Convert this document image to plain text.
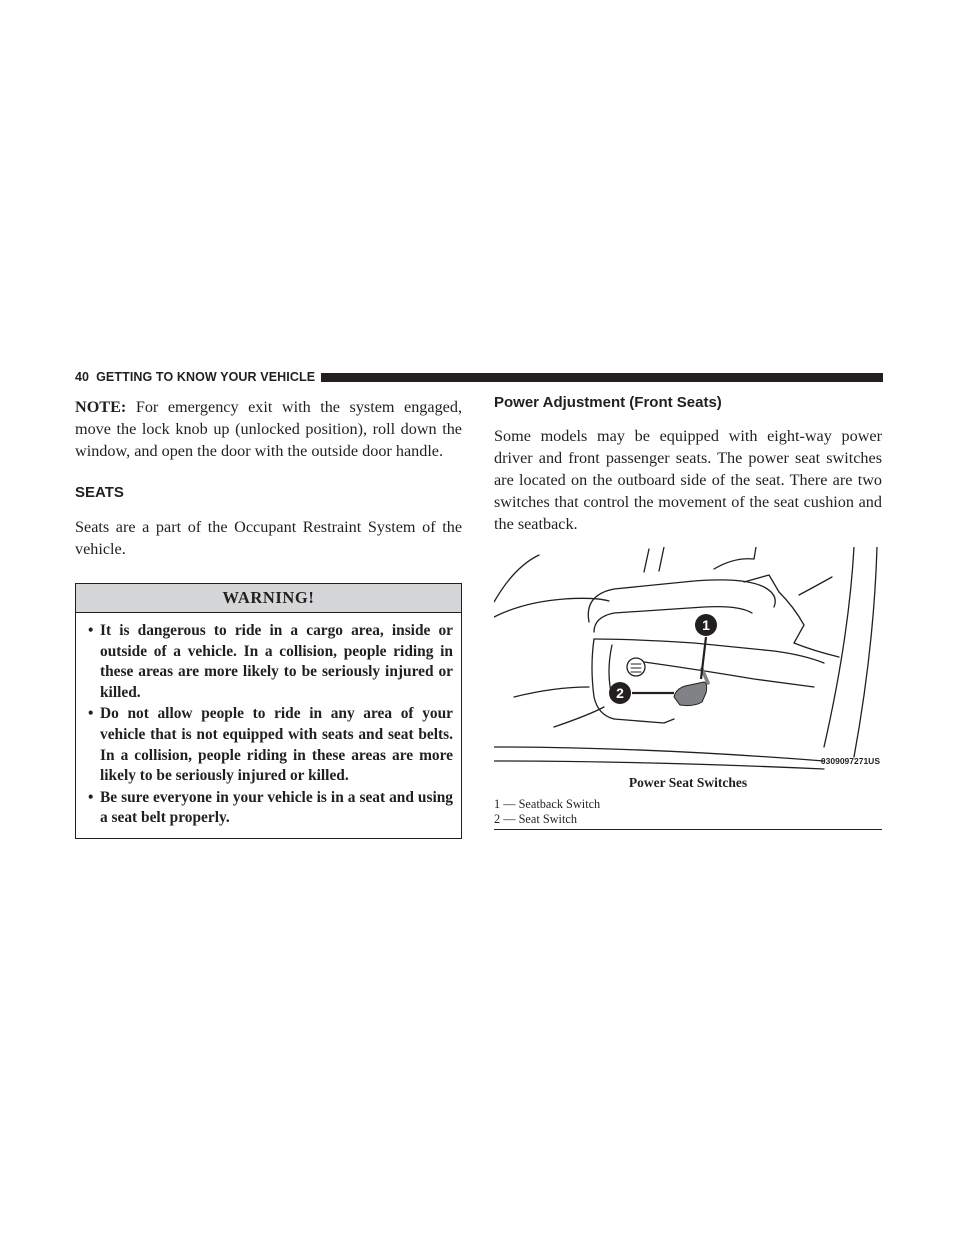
40 GETTING TO KNOW YOUR VEHICLE

NOTE: For emergency exit with the system engaged, move the lock knob up (unlocked position), roll down the window, and open the door with the outside door handle.

SEATS

Seats are a part of the Occupant Restraint System of the vehicle.

WARNING!
• It is dangerous to ride in a cargo area, inside or outside of a vehicle. In a collision, people riding in these areas are more likely to be seriously injured or killed.
• Do not allow people to ride in any area of your vehicle that is not equipped with seats and seat belts. In a collision, people riding in these areas are more likely to be seriously injured or killed.
• Be sure everyone in your vehicle is in a seat and using a seat belt properly.
Power Adjustment (Front Seats)

Some models may be equipped with eight-way power driver and front passenger seats. The power seat switches are located on the outboard side of the seat. There are two switches that control the movement of the seat cushion and the seatback.

1
2
0309097271US
Power Seat Switches
1 — Seatback Switch
2 — Seat Switch
